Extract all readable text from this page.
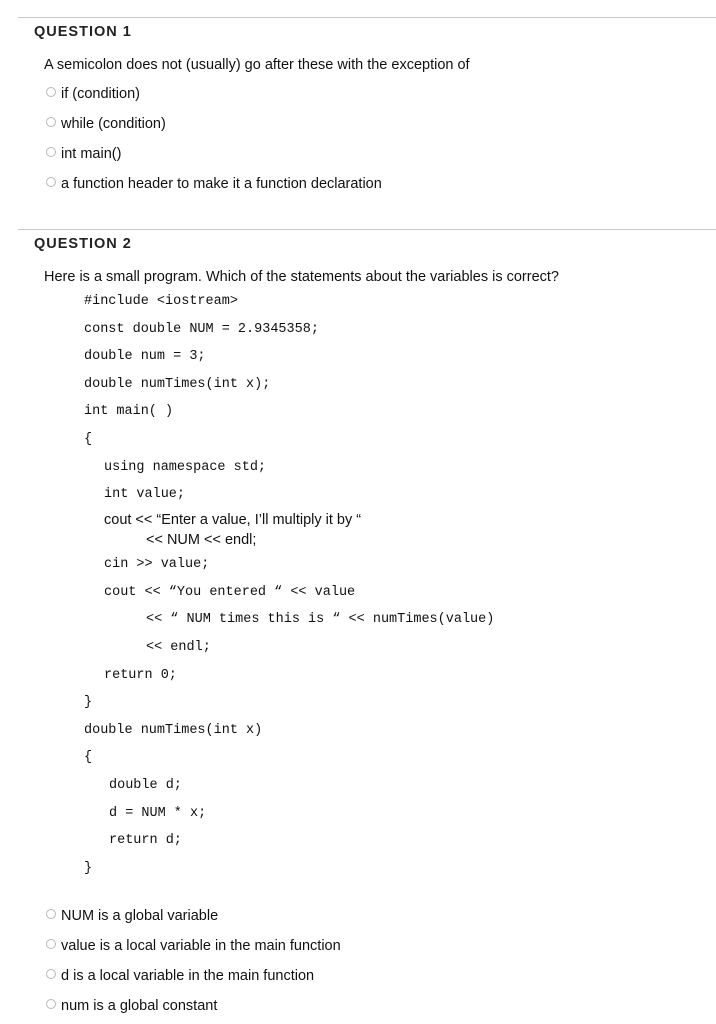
QUESTION 1
A semicolon does not (usually) go after these with the exception of
if (condition)
while (condition)
int main()
a function header to make it a function declaration
QUESTION 2
Here is a small program. Which of the statements about the variables is correct?
#include <iostream>
const double NUM = 2.9345358;
double num = 3;
double numTimes(int x);
int main( )
{
using namespace std;
int value;
cout << “Enter a value, I’ll multiply it by “
<< NUM << endl;
cin >> value;
cout << “You entered “ << value
<< “ NUM times this is “ << numTimes(value)
<< endl;
return 0;
}
double numTimes(int x)
{
double d;
d = NUM * x;
return d;
}
NUM is a global variable
value is a local variable in the main function
d is a local variable in the main function
num is a global constant
